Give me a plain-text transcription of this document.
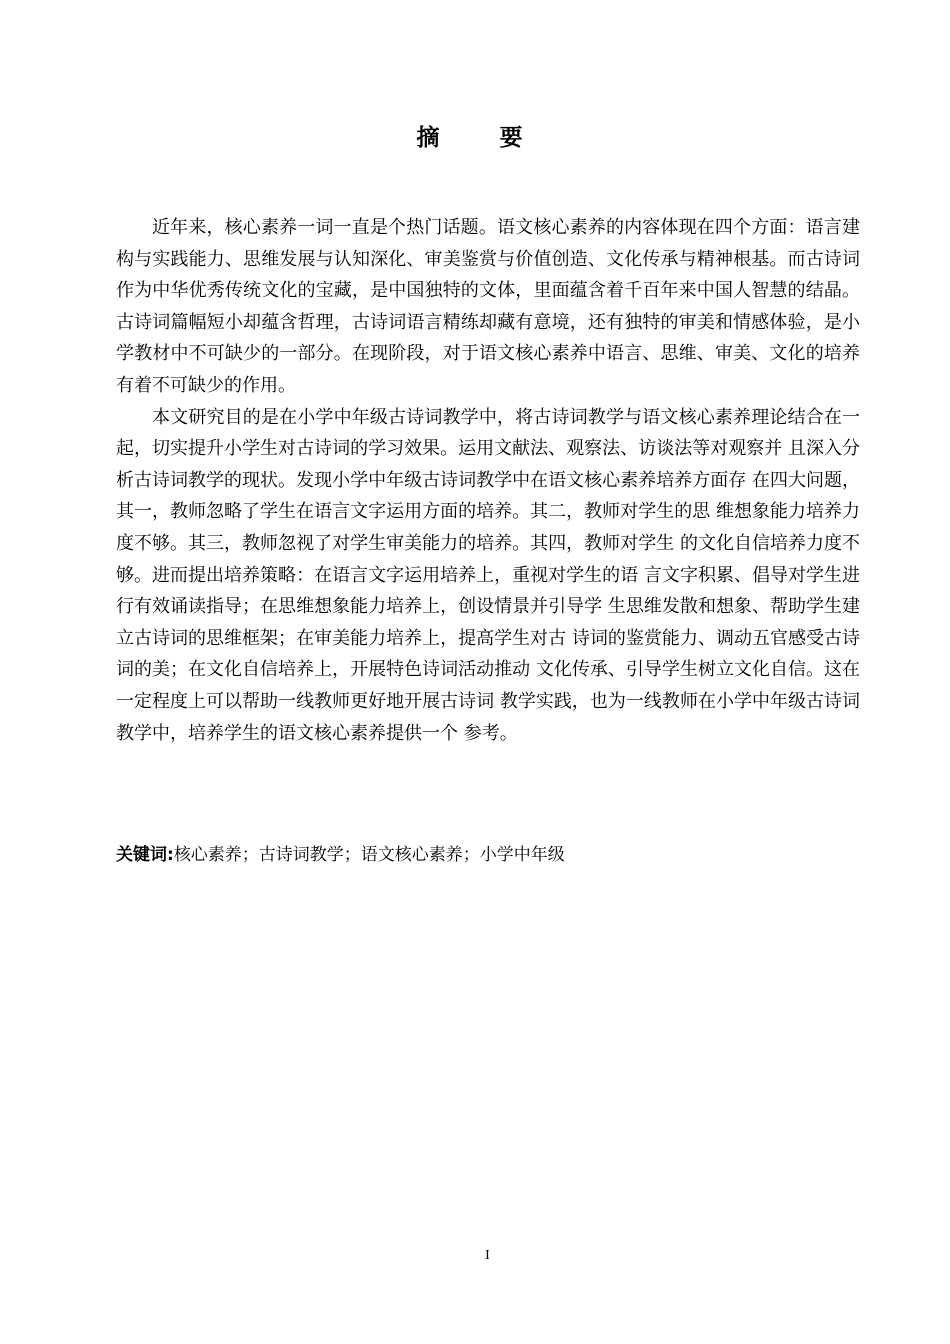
摘 要

近年来，核心素养一词一直是个热门话题。语文核心素养的内容体现在四个方面：语言建构与实践能力、思维发展与认知深化、审美鉴赏与价值创造、文化传承与精神根基。而古诗词作为中华优秀传统文化的宝藏，是中国独特的文体，里面蕴含着千百年来中国人智慧的结晶。古诗词篇幅短小却蕴含哲理，古诗词语言精练却藏有意境，还有独特的审美和情感体验，是小学教材中不可缺少的一部分。在现阶段，对于语文核心素养中语言、思维、审美、文化的培养有着不可缺少的作用。

本文研究目的是在小学中年级古诗词教学中，将古诗词教学与语文核心素养理论结合在一起，切实提升小学生对古诗词的学习效果。运用文献法、观察法、访谈法等对观察并 且深入分析古诗词教学的现状。发现小学中年级古诗词教学中在语文核心素养培养方面存 在四大问题，其一，教师忽略了学生在语言文字运用方面的培养。其二，教师对学生的思 维想象能力培养力度不够。其三，教师忽视了对学生审美能力的培养。其四，教师对学生 的文化自信培养力度不够。进而提出培养策略：在语言文字运用培养上，重视对学生的语 言文字积累、倡导对学生进行有效诵读指导；在思维想象能力培养上，创设情景并引导学 生思维发散和想象、帮助学生建立古诗词的思维框架；在审美能力培养上，提高学生对古 诗词的鉴赏能力、调动五官感受古诗词的美；在文化自信培养上，开展特色诗词活动推动 文化传承、引导学生树立文化自信。这在一定程度上可以帮助一线教师更好地开展古诗词 教学实践，也为一线教师在小学中年级古诗词教学中，培养学生的语文核心素养提供一个 参考。

关键词:核心素养；古诗词教学；语文核心素养；小学中年级
I
